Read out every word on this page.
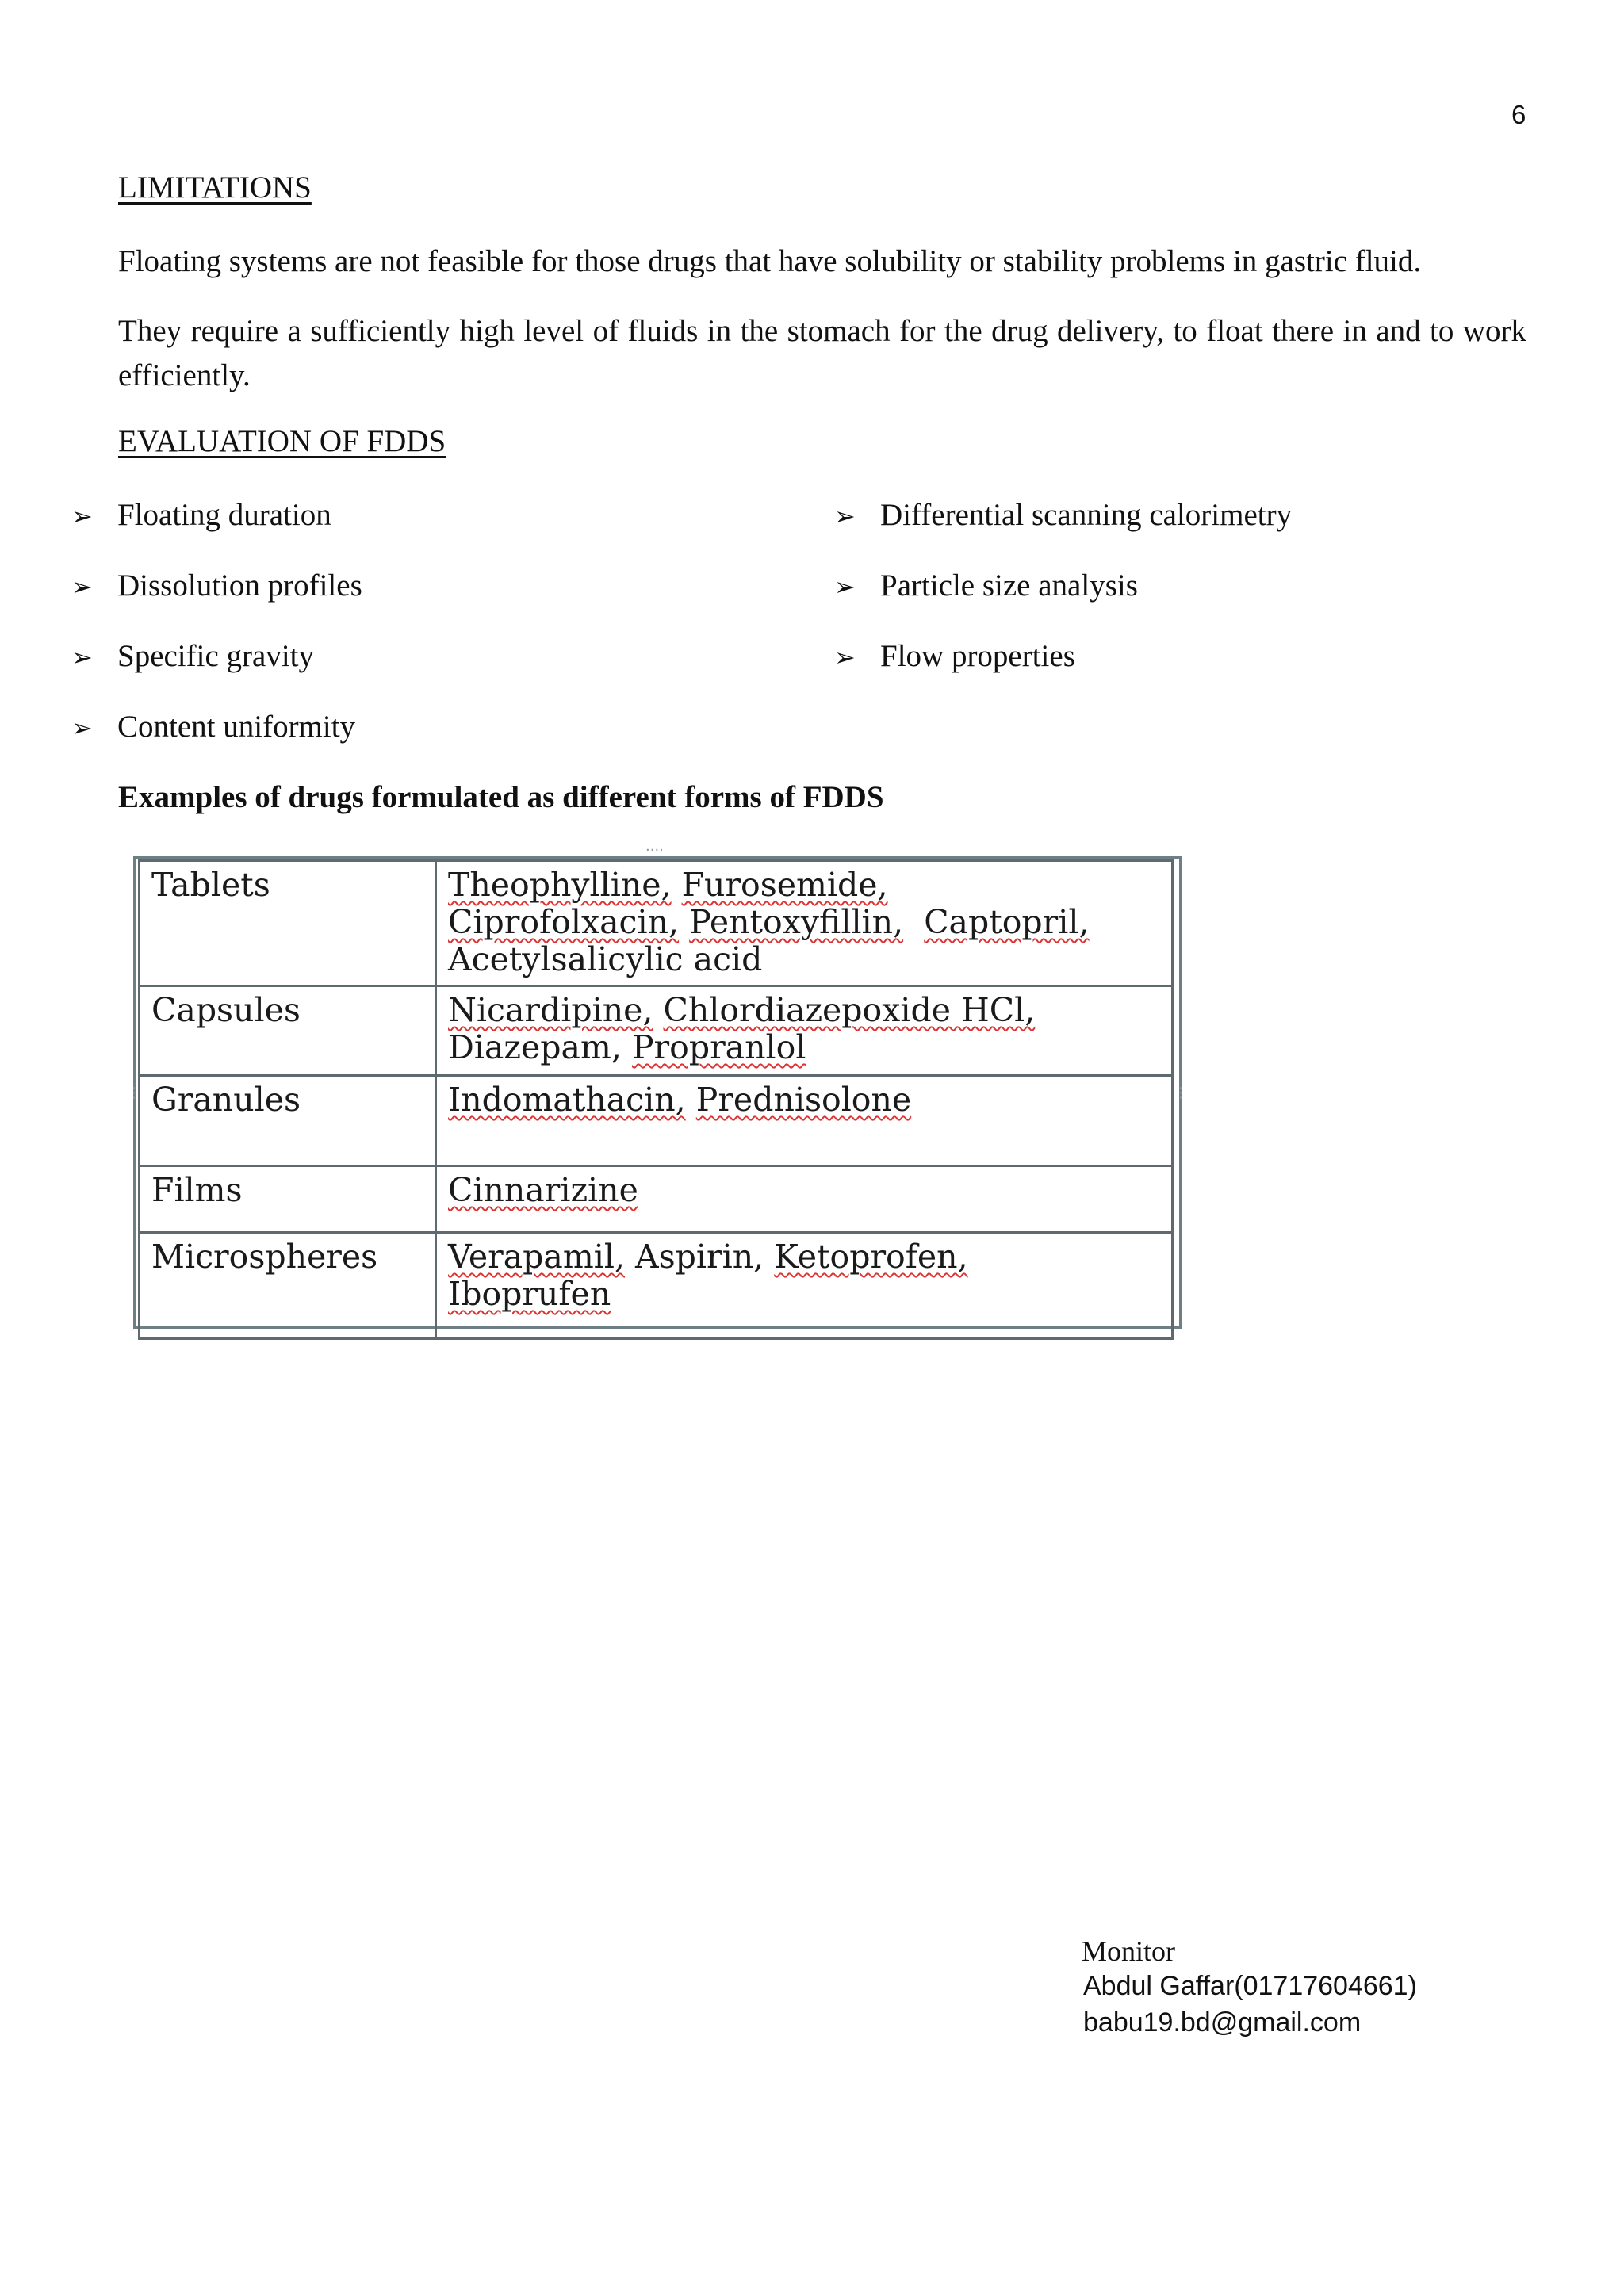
6
LIMITATIONS
Floating systems are not feasible for those drugs that have solubility or stability problems in gastric fluid.
They require a sufficiently high level of fluids in the stomach for the drug delivery, to float there in and to work efficiently.
EVALUATION OF FDDS
➢ Floating duration
➢ Dissolution profiles
➢ Specific gravity
➢ Content uniformity
➢ Differential scanning calorimetry
➢ Particle size analysis
➢ Flow properties
Examples of drugs formulated as different forms of FDDS
····
····
⋮	⋮
Tablets	Theophylline, Furosemide,
Ciprofolxacin, Pentoxyfillin, Captopril,
Acetylsalicylic acid
Capsules	Nicardipine, Chlordiazepoxide HCl,
Diazepam, Propranlol
Granules	Indomathacin, Prednisolone
Films	Cinnarizine
Microspheres	Verapamil, Aspirin, Ketoprofen,
Iboprufen
Monitor
Abdul Gaffar(01717604661)
babu19.bd@gmail.com
